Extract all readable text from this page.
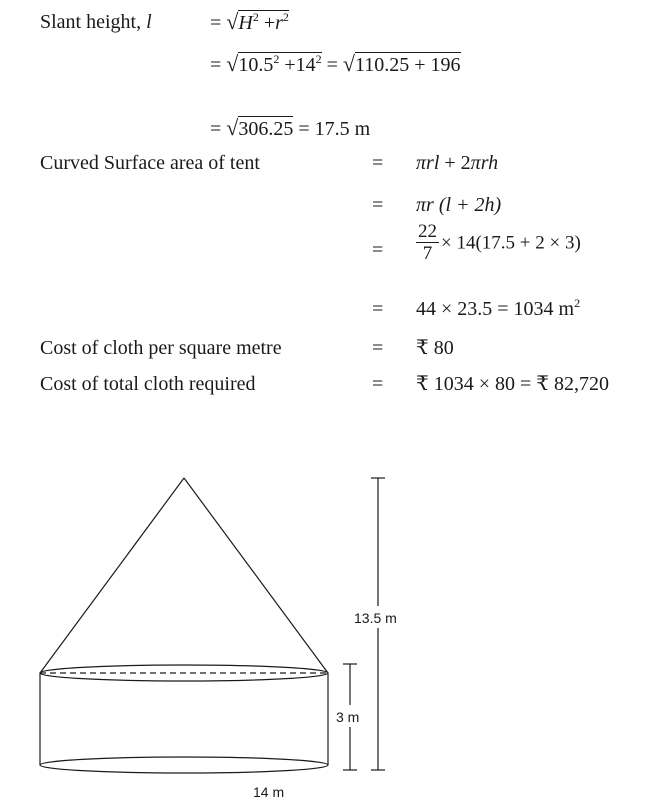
Slant height, l	= $√H^2 +r^2$
= $√10.5^2 +14^2 = √110.25 + 196$
= √306.25 = 17.5 m
Curved Surface area of tent	= πrl + 2πrh
= πr (l + 2h)
= $\frac{22}{7} \times 14(17.5 + 2 \times 3)$
= 44 × 23.5 = 1034 $m^2$
Cost of cloth per square metre	= ₹ 80
Cost of total cloth required	= ₹ 1034 × 80 = ₹ 82,720
13.5 m
3 m
14 m
